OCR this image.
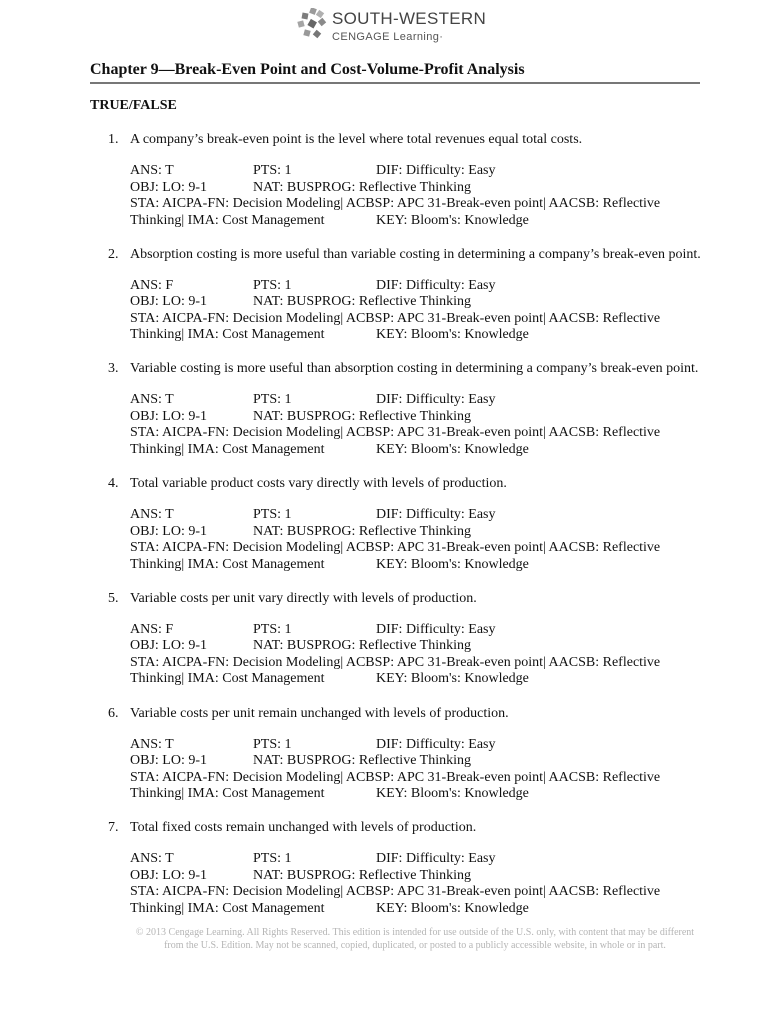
SOUTH-WESTERN
CENGAGE Learning·
Chapter 9—Break-Even Point and Cost-Volume-Profit Analysis
TRUE/FALSE
1. A company’s break-even point is the level where total revenues equal total costs.
ANS: T	PTS: 1	DIF: Difficulty: Easy
OBJ: LO: 9-1	NAT: BUSPROG: Reflective Thinking
STA: AICPA-FN: Decision Modeling| ACBSP: APC 31-Break-even point| AACSB: Reflective
Thinking| IMA: Cost Management	KEY: Bloom's: Knowledge
2. Absorption costing is more useful than variable costing in determining a company’s break-even point.
ANS: F	PTS: 1	DIF: Difficulty: Easy
OBJ: LO: 9-1	NAT: BUSPROG: Reflective Thinking
STA: AICPA-FN: Decision Modeling| ACBSP: APC 31-Break-even point| AACSB: Reflective
Thinking| IMA: Cost Management	KEY: Bloom's: Knowledge
3. Variable costing is more useful than absorption costing in determining a company’s break-even point.
ANS: T	PTS: 1	DIF: Difficulty: Easy
OBJ: LO: 9-1	NAT: BUSPROG: Reflective Thinking
STA: AICPA-FN: Decision Modeling| ACBSP: APC 31-Break-even point| AACSB: Reflective
Thinking| IMA: Cost Management	KEY: Bloom's: Knowledge
4. Total variable product costs vary directly with levels of production.
ANS: T	PTS: 1	DIF: Difficulty: Easy
OBJ: LO: 9-1	NAT: BUSPROG: Reflective Thinking
STA: AICPA-FN: Decision Modeling| ACBSP: APC 31-Break-even point| AACSB: Reflective
Thinking| IMA: Cost Management	KEY: Bloom's: Knowledge
5. Variable costs per unit vary directly with levels of production.
ANS: F	PTS: 1	DIF: Difficulty: Easy
OBJ: LO: 9-1	NAT: BUSPROG: Reflective Thinking
STA: AICPA-FN: Decision Modeling| ACBSP: APC 31-Break-even point| AACSB: Reflective
Thinking| IMA: Cost Management	KEY: Bloom's: Knowledge
6. Variable costs per unit remain unchanged with levels of production.
ANS: T	PTS: 1	DIF: Difficulty: Easy
OBJ: LO: 9-1	NAT: BUSPROG: Reflective Thinking
STA: AICPA-FN: Decision Modeling| ACBSP: APC 31-Break-even point| AACSB: Reflective
Thinking| IMA: Cost Management	KEY: Bloom's: Knowledge
7. Total fixed costs remain unchanged with levels of production.
ANS: T	PTS: 1	DIF: Difficulty: Easy
OBJ: LO: 9-1	NAT: BUSPROG: Reflective Thinking
STA: AICPA-FN: Decision Modeling| ACBSP: APC 31-Break-even point| AACSB: Reflective
Thinking| IMA: Cost Management	KEY: Bloom's: Knowledge
© 2013 Cengage Learning. All Rights Reserved. This edition is intended for use outside of the U.S. only, with content that may be different
from the U.S. Edition. May not be scanned, copied, duplicated, or posted to a publicly accessible website, in whole or in part.
